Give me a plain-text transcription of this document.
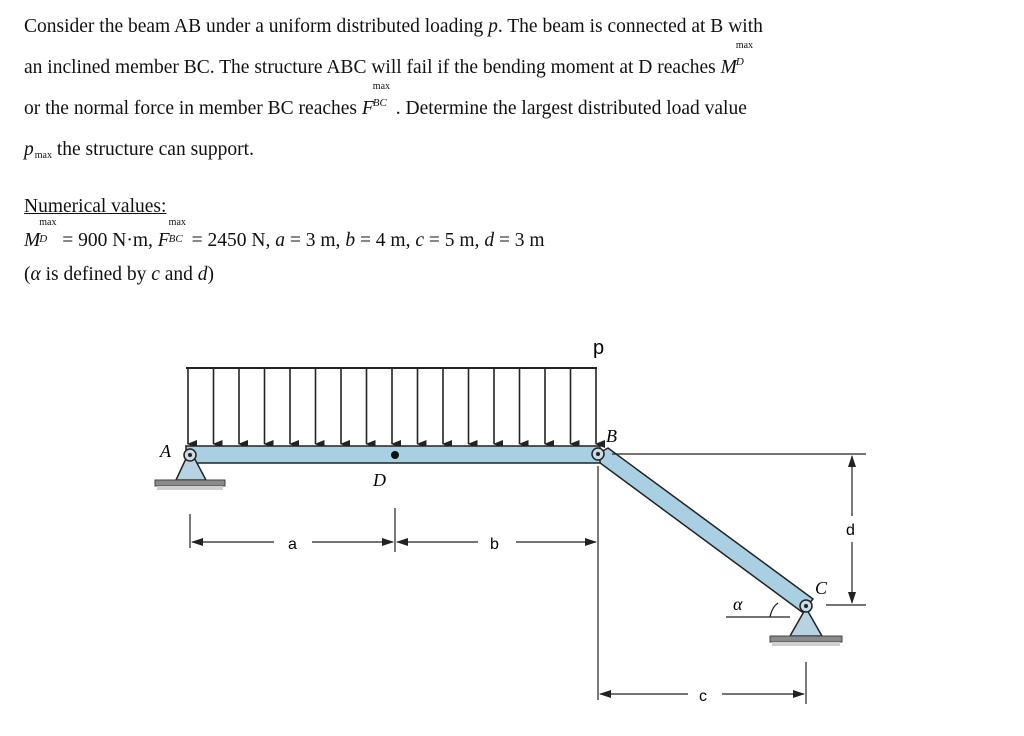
Consider the beam AB under a uniform distributed loading p. The beam is connected at B with
an inclined member BC. The structure ABC will fail if the bending moment at D reaches M
max
D
or the normal force in member BC reaches F
max
BC . Determine the largest distributed load value
pmax the structure can support.
Numerical values:
M
max
D = 900 N·m, F
max
BC = 2450 N, a = 3 m, b = 4 m, c = 5 m, d = 3 m
(α is defined by c and d)
p
A
B
C
D
α
a	b
c
d
